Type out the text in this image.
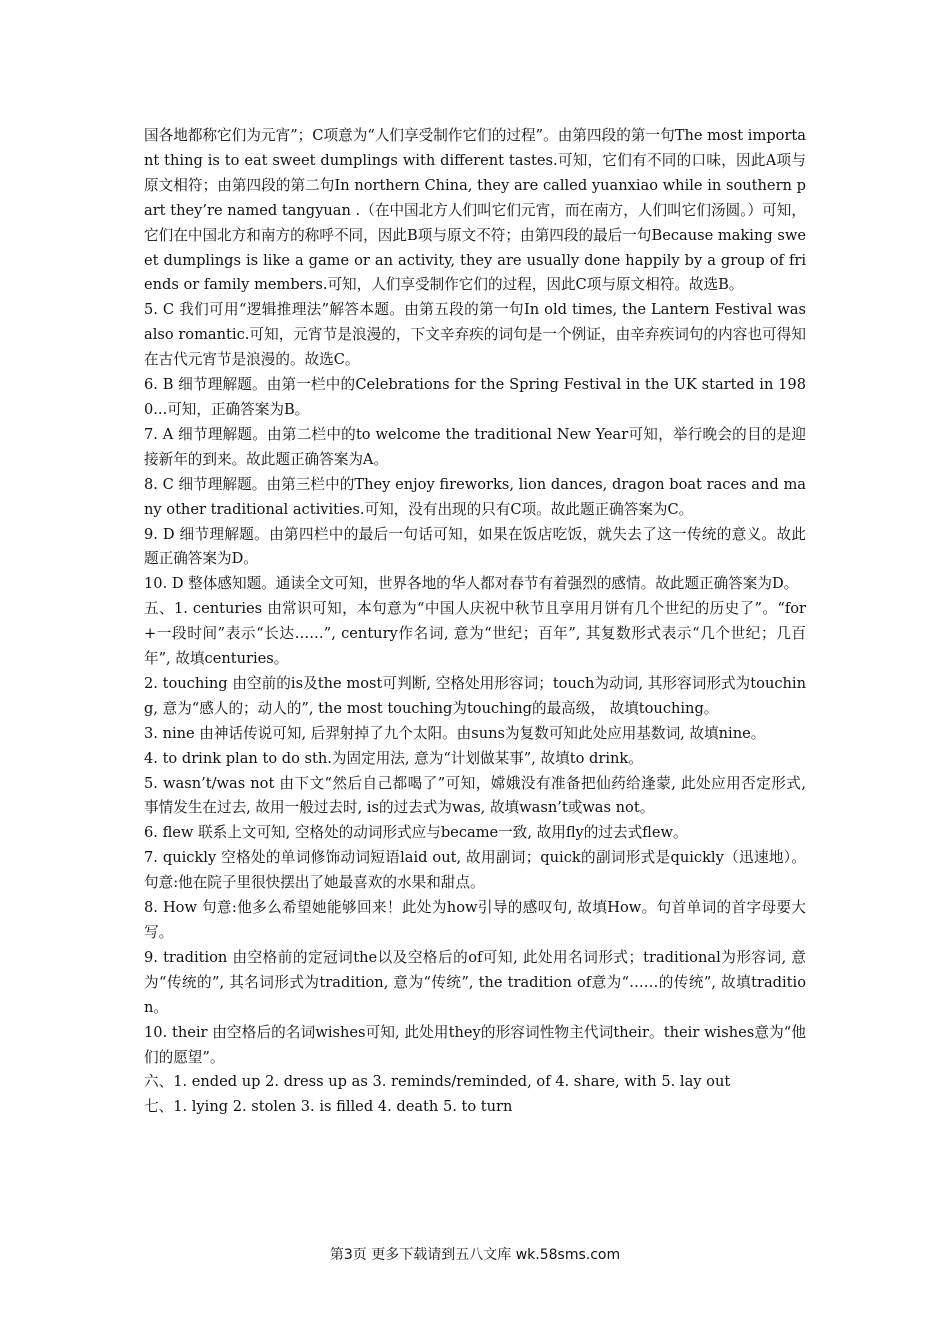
国各地都称它们为元宵”；C项意为“人们享受制作它们的过程”。由第四段的第一句The most important thing is to eat sweet dumplings with different tastes.可知，它们有不同的口味，因此A项与原文相符；由第四段的第二句In northern China, they are called yuanxiao while in southern part they’re named tangyuan .（在中国北方人们叫它们元宵，而在南方，人们叫它们汤圆。）可知，它们在中国北方和南方的称呼不同，因此B项与原文不符；由第四段的最后一句Because making sweet dumplings is like a game or an activity, they are usually done happily by a group of friends or family members.可知，人们享受制作它们的过程，因此C项与原文相符。故选B。

5. C 我们可用“逻辑推理法”解答本题。由第五段的第一句In old times, the Lantern Festival was also romantic.可知，元宵节是浪漫的，下文辛弃疾的词句是一个例证，由辛弃疾词句的内容也可得知在古代元宵节是浪漫的。故选C。

6. B 细节理解题。由第一栏中的Celebrations for the Spring Festival in the UK started in 1980...可知，正确答案为B。

7. A 细节理解题。由第二栏中的to welcome the traditional New Year可知，举行晚会的目的是迎接新年的到来。故此题正确答案为A。

8. C 细节理解题。由第三栏中的They enjoy fireworks, lion dances, dragon boat races and many other traditional activities.可知，没有出现的只有C项。故此题正确答案为C。

9. D 细节理解题。由第四栏中的最后一句话可知，如果在饭店吃饭，就失去了这一传统的意义。故此题正确答案为D。

10. D 整体感知题。通读全文可知，世界各地的华人都对春节有着强烈的感情。故此题正确答案为D。

五、1. centuries 由常识可知，本句意为“中国人庆祝中秋节且享用月饼有几个世纪的历史了”。“for+一段时间”表示“长达……”, century作名词, 意为“世纪；百年”, 其复数形式表示“几个世纪；几百年”, 故填centuries。

2. touching 由空前的is及the most可判断, 空格处用形容词；touch为动词, 其形容词形式为touching, 意为“感人的；动人的”, the most touching为touching的最高级， 故填touching。

3. nine 由神话传说可知, 后羿射掉了九个太阳。由suns为复数可知此处应用基数词, 故填nine。

4. to drink plan to do sth.为固定用法, 意为“计划做某事”, 故填to drink。

5. wasn’t/was not 由下文“然后自己都喝了”可知，嫦娥没有准备把仙药给逢蒙, 此处应用否定形式, 事情发生在过去, 故用一般过去时, is的过去式为was, 故填wasn’t或was not。

6. flew 联系上文可知, 空格处的动词形式应与became一致, 故用fly的过去式flew。

7. quickly 空格处的单词修饰动词短语laid out, 故用副词；quick的副词形式是quickly（迅速地）。句意:他在院子里很快摆出了她最喜欢的水果和甜点。

8. How 句意:他多么希望她能够回来！此处为how引导的感叹句, 故填How。句首单词的首字母要大写。

9. tradition 由空格前的定冠词the以及空格后的of可知, 此处用名词形式；traditional为形容词, 意为“传统的”, 其名词形式为tradition, 意为“传统”, the tradition of意为“……的传统”, 故填tradition。

10. their 由空格后的名词wishes可知, 此处用they的形容词性物主代词their。their wishes意为“他们的愿望”。

六、1. ended up 2. dress up as 3. reminds/reminded, of 4. share, with 5. lay out

七、1. lying 2. stolen 3. is filled 4. death 5. to turn

第3页 更多下载请到五八文库 wk.58sms.com
